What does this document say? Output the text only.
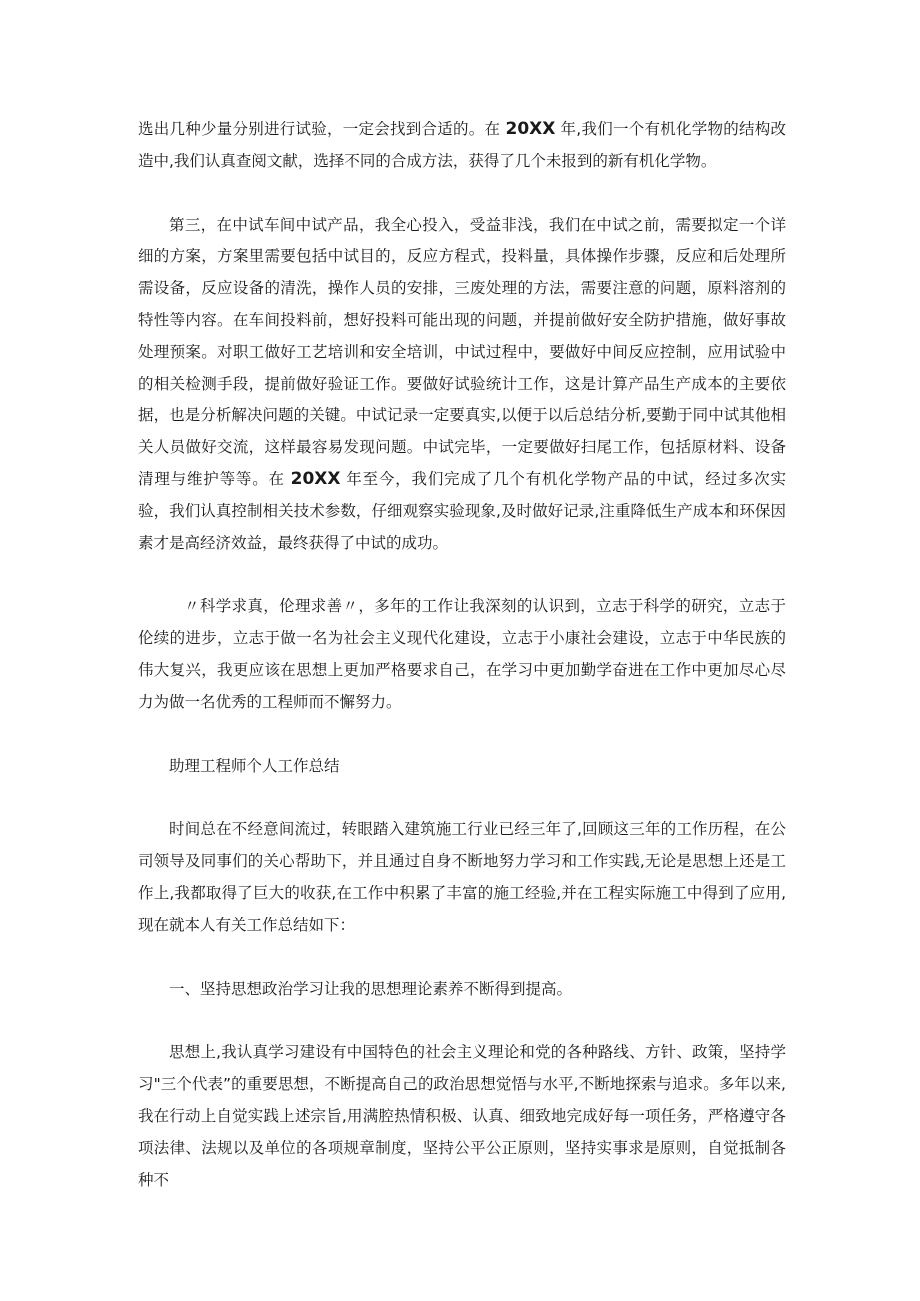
选出几种少量分别进行试验，一定会找到合适的。在 20XX 年,我们一个有机化学物的结构改造中,我们认真查阅文献，选择不同的合成方法，获得了几个未报到的新有机化学物。

第三，在中试车间中试产品，我全心投入，受益非浅，我们在中试之前，需要拟定一个详细的方案，方案里需要包括中试目的，反应方程式，投料量，具体操作步骤，反应和后处理所需设备，反应设备的清洗，操作人员的安排，三废处理的方法，需要注意的问题，原料溶剂的特性等内容。在车间投料前，想好投料可能出现的问题，并提前做好安全防护措施，做好事故处理预案。对职工做好工艺培训和安全培训，中试过程中，要做好中间反应控制，应用试验中的相关检测手段，提前做好验证工作。要做好试验统计工作，这是计算产品生产成本的主要依据，也是分析解决问题的关键。中试记录一定要真实,以便于以后总结分析,要勤于同中试其他相关人员做好交流，这样最容易发现问题。中试完毕，一定要做好扫尾工作，包括原材料、设备清理与维护等等。在 20XX 年至今，我们完成了几个有机化学物产品的中试，经过多次实验，我们认真控制相关技术参数，仔细观察实验现象,及时做好记录,注重降低生产成本和环保因素才是高经济效益，最终获得了中试的成功。

〃科学求真，伦理求善〃，多年的工作让我深刻的认识到，立志于科学的研究，立志于伦续的进步，立志于做一名为社会主义现代化建设，立志于小康社会建设，立志于中华民族的伟大复兴，我更应该在思想上更加严格要求自己，在学习中更加勤学奋进在工作中更加尽心尽力为做一名优秀的工程师而不懈努力。

助理工程师个人工作总结

时间总在不经意间流过，转眼踏入建筑施工行业已经三年了,回顾这三年的工作历程，在公司领导及同事们的关心帮助下，并且通过自身不断地努力学习和工作实践,无论是思想上还是工作上,我都取得了巨大的收获,在工作中积累了丰富的施工经验,并在工程实际施工中得到了应用,现在就本人有关工作总结如下：

一、坚持思想政治学习让我的思想理论素养不断得到提高。

思想上,我认真学习建设有中国特色的社会主义理论和党的各种路线、方针、政策，坚持学习"三个代表”的重要思想，不断提高自己的政治思想觉悟与水平,不断地探索与追求。多年以来,我在行动上自觉实践上述宗旨,用满腔热情积极、认真、细致地完成好每一项任务，严格遵守各项法律、法规以及单位的各项规章制度，坚持公平公正原则，坚持实事求是原则，自觉抵制各种不
